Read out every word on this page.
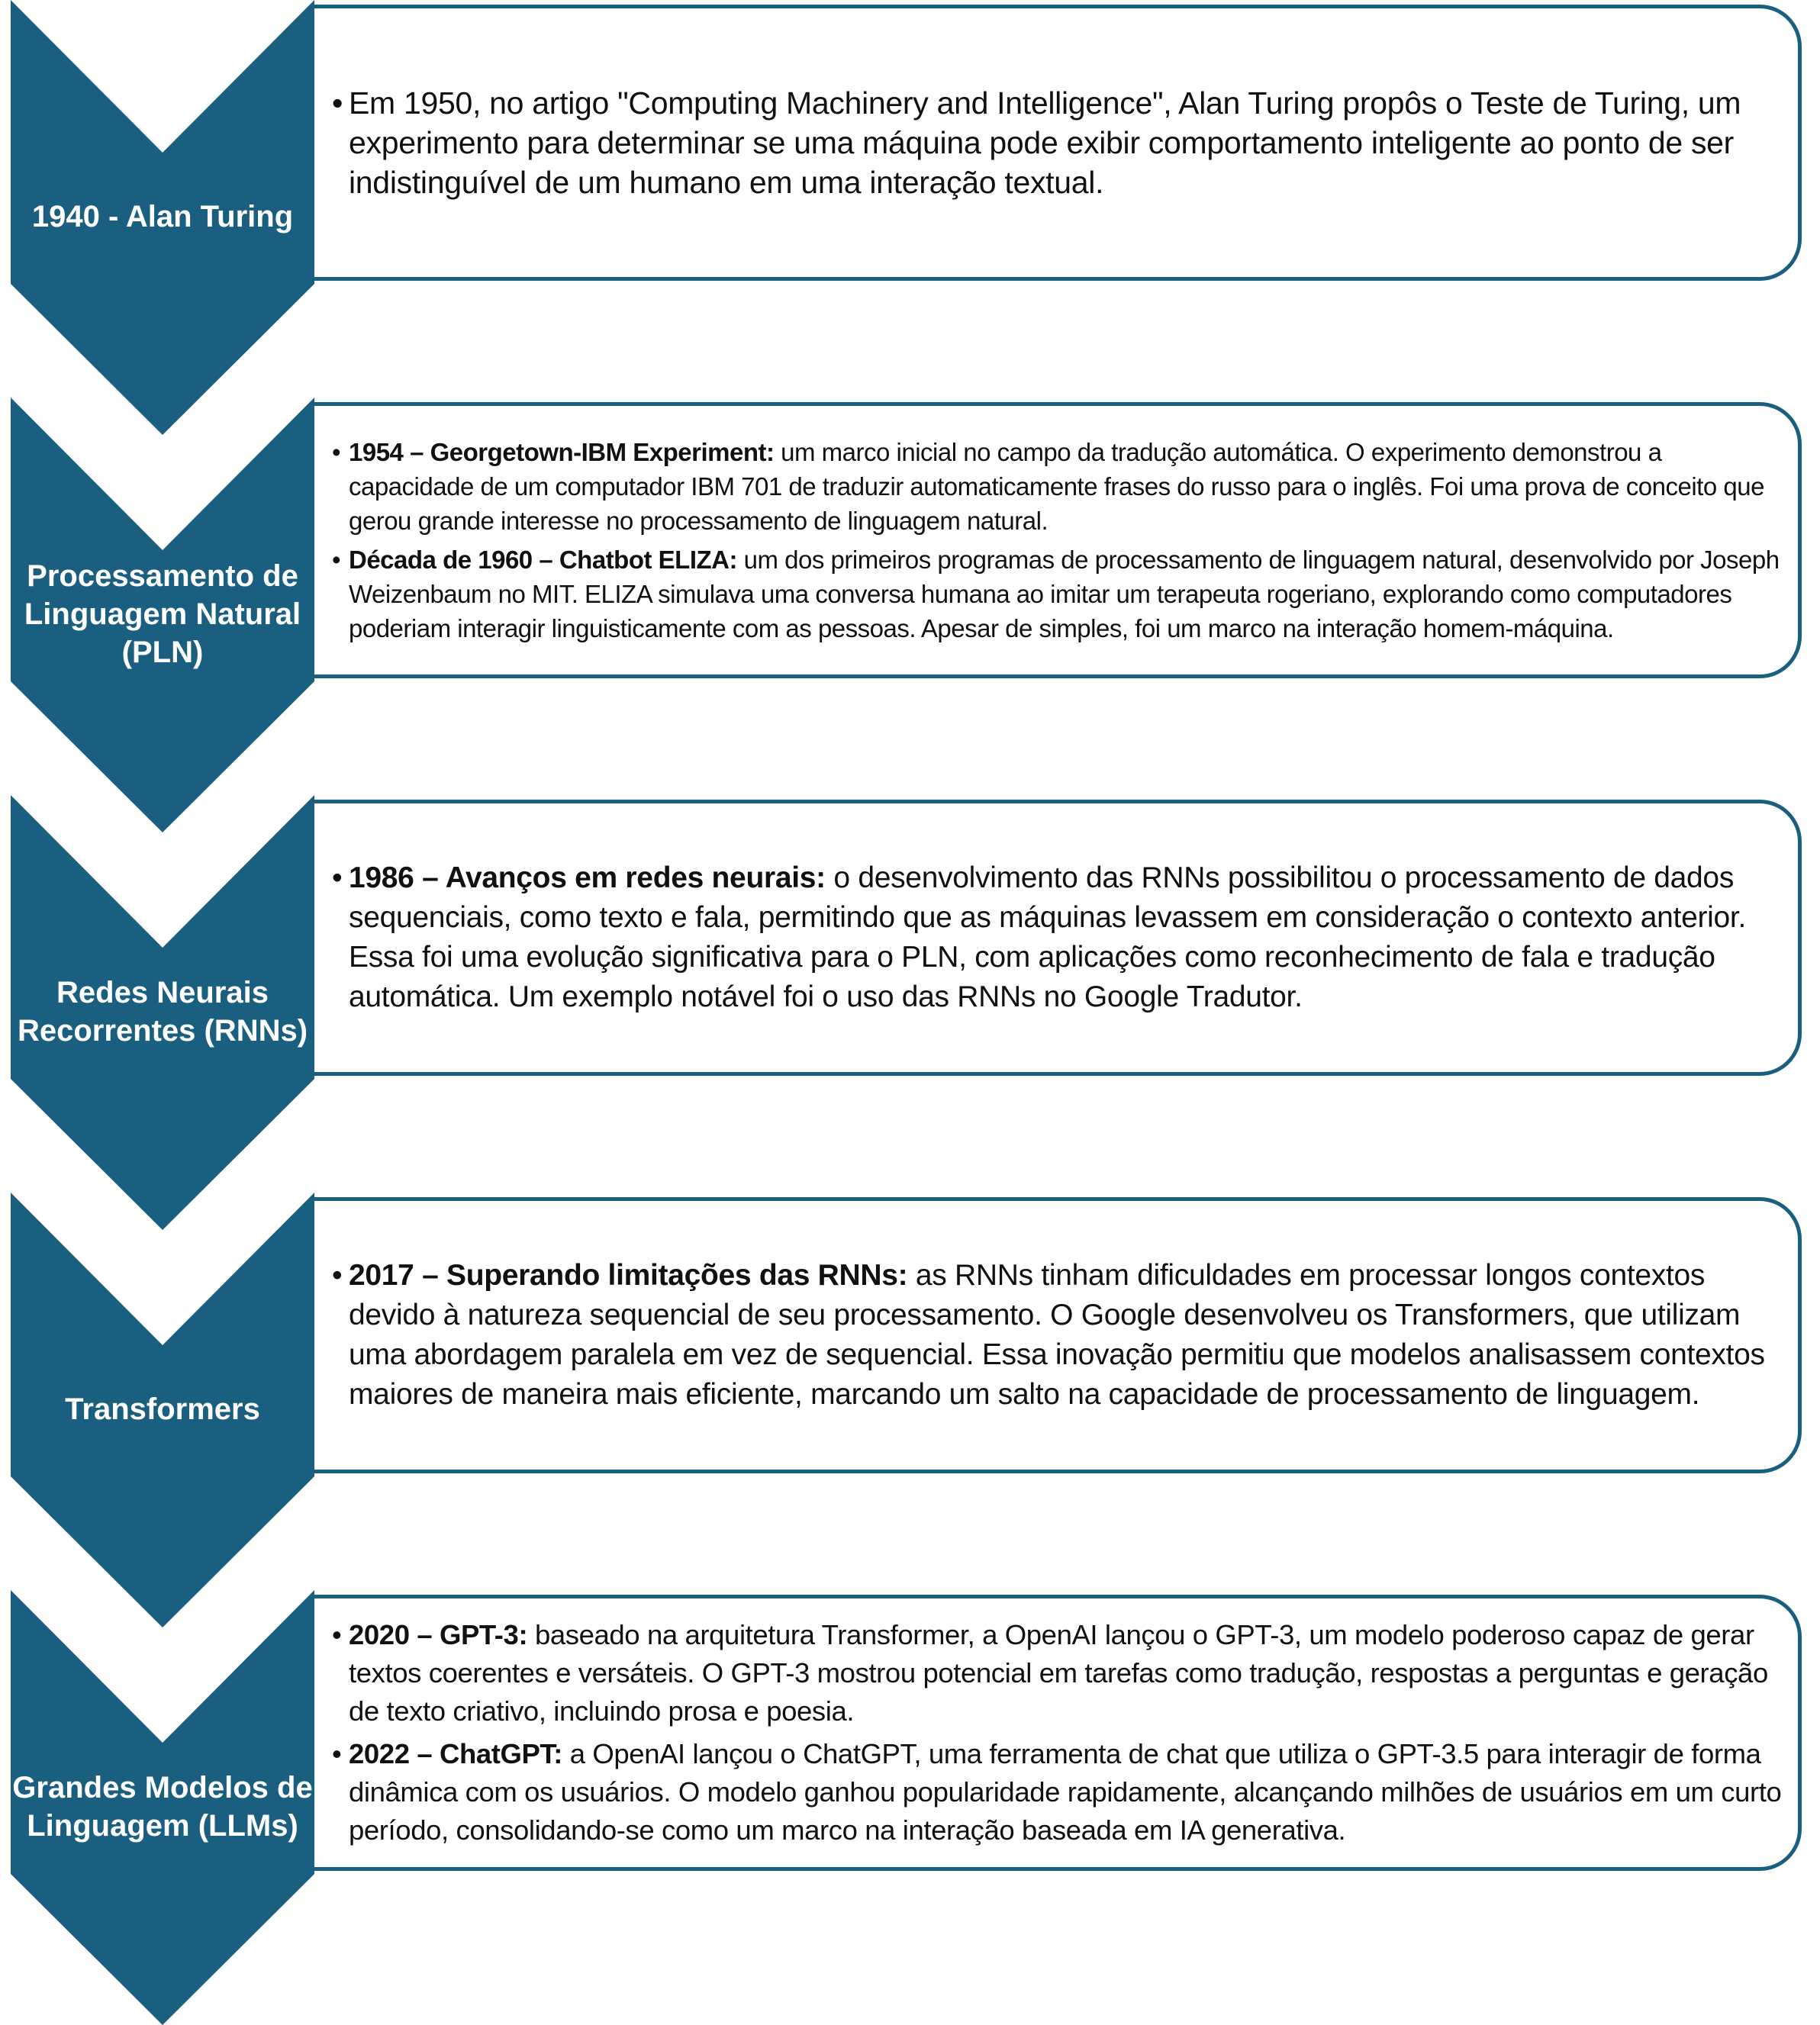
1940 - Alan Turing
• Em 1950, no artigo "Computing Machinery and Intelligence", Alan Turing propôs o Teste de Turing, um experimento para determinar se uma máquina pode exibir comportamento inteligente ao ponto de ser indistinguível de um humano em uma interação textual.
Processamento de Linguagem Natural (PLN)
• 1954 – Georgetown-IBM Experiment: um marco inicial no campo da tradução automática. O experimento demonstrou a capacidade de um computador IBM 701 de traduzir automaticamente frases do russo para o inglês. Foi uma prova de conceito que gerou grande interesse no processamento de linguagem natural.
• Década de 1960 – Chatbot ELIZA: um dos primeiros programas de processamento de linguagem natural, desenvolvido por Joseph Weizenbaum no MIT. ELIZA simulava uma conversa humana ao imitar um terapeuta rogeriano, explorando como computadores poderiam interagir linguisticamente com as pessoas. Apesar de simples, foi um marco na interação homem-máquina.
Redes Neurais Recorrentes (RNNs)
• 1986 – Avanços em redes neurais: o desenvolvimento das RNNs possibilitou o processamento de dados sequenciais, como texto e fala, permitindo que as máquinas levassem em consideração o contexto anterior. Essa foi uma evolução significativa para o PLN, com aplicações como reconhecimento de fala e tradução automática. Um exemplo notável foi o uso das RNNs no Google Tradutor.
Transformers
• 2017 – Superando limitações das RNNs: as RNNs tinham dificuldades em processar longos contextos devido à natureza sequencial de seu processamento. O Google desenvolveu os Transformers, que utilizam uma abordagem paralela em vez de sequencial. Essa inovação permitiu que modelos analisassem contextos maiores de maneira mais eficiente, marcando um salto na capacidade de processamento de linguagem.
Grandes Modelos de Linguagem (LLMs)
• 2020 – GPT-3: baseado na arquitetura Transformer, a OpenAI lançou o GPT-3, um modelo poderoso capaz de gerar textos coerentes e versáteis. O GPT-3 mostrou potencial em tarefas como tradução, respostas a perguntas e geração de texto criativo, incluindo prosa e poesia.
• 2022 – ChatGPT: a OpenAI lançou o ChatGPT, uma ferramenta de chat que utiliza o GPT-3.5 para interagir de forma dinâmica com os usuários. O modelo ganhou popularidade rapidamente, alcançando milhões de usuários em um curto período, consolidando-se como um marco na interação baseada em IA generativa.
